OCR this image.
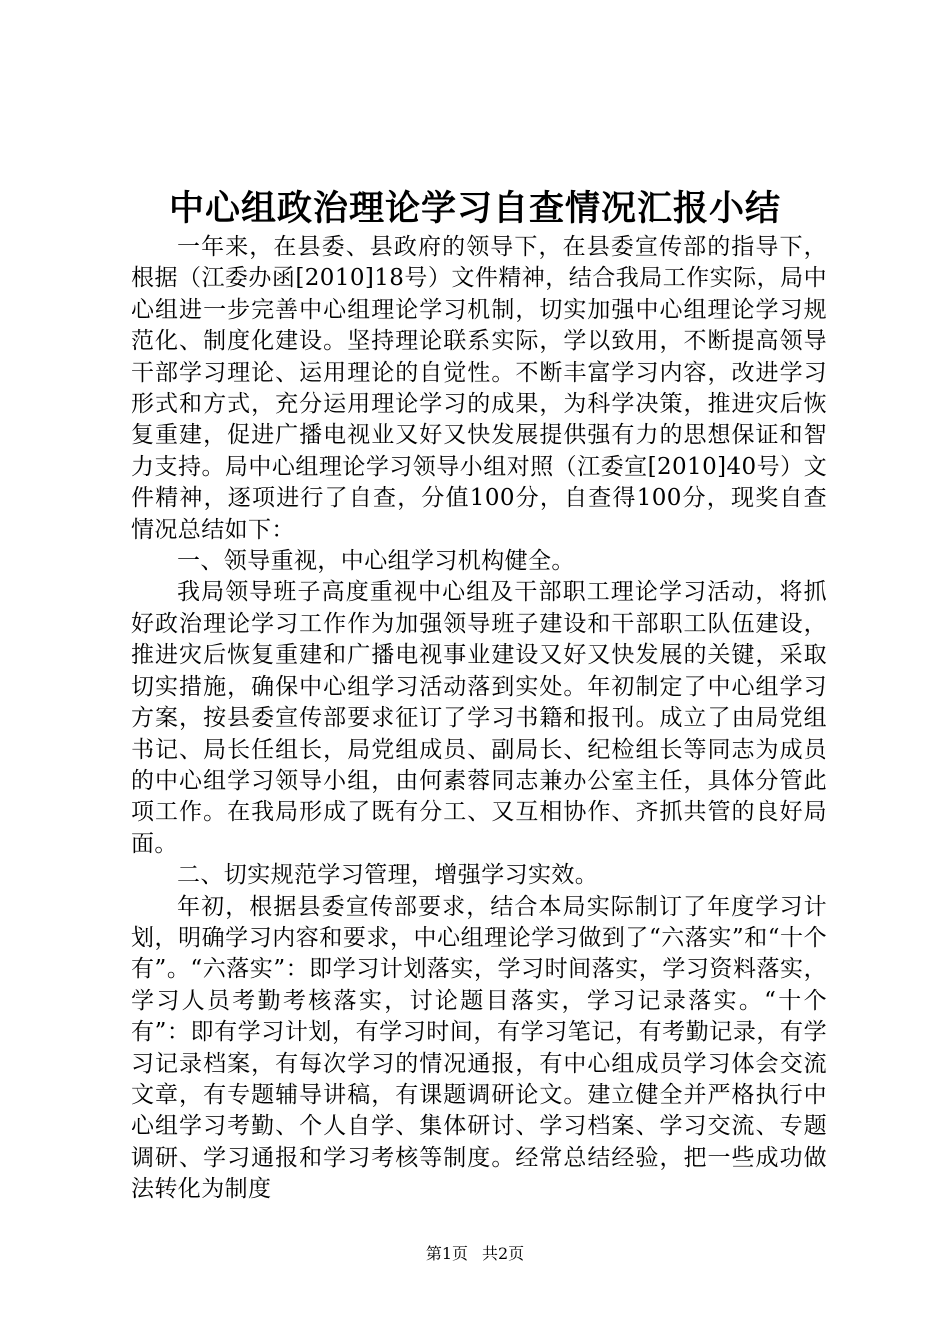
中心组政治理论学习自查情况汇报小结

一年来，在县委、县政府的领导下，在县委宣传部的指导下，根据（江委办函[2010]18号）文件精神，结合我局工作实际，局中心组进一步完善中心组理论学习机制，切实加强中心组理论学习规范化、制度化建设。坚持理论联系实际，学以致用，不断提高领导干部学习理论、运用理论的自觉性。不断丰富学习内容，改进学习形式和方式，充分运用理论学习的成果，为科学决策，推进灾后恢复重建，促进广播电视业又好又快发展提供强有力的思想保证和智力支持。局中心组理论学习领导小组对照（江委宣[2010]40号）文件精神，逐项进行了自查，分值100分，自查得100分，现奖自查情况总结如下：

一、领导重视，中心组学习机构健全。

我局领导班子高度重视中心组及干部职工理论学习活动，将抓好政治理论学习工作作为加强领导班子建设和干部职工队伍建设，推进灾后恢复重建和广播电视事业建设又好又快发展的关键，采取切实措施，确保中心组学习活动落到实处。年初制定了中心组学习方案，按县委宣传部要求征订了学习书籍和报刊。成立了由局党组书记、局长任组长，局党组成员、副局长、纪检组长等同志为成员的中心组学习领导小组，由何素蓉同志兼办公室主任，具体分管此项工作。在我局形成了既有分工、又互相协作、齐抓共管的良好局面。

二、切实规范学习管理，增强学习实效。

年初，根据县委宣传部要求，结合本局实际制订了年度学习计划，明确学习内容和要求，中心组理论学习做到了“六落实”和“十个有”。“六落实”：即学习计划落实，学习时间落实，学习资料落实，学习人员考勤考核落实，讨论题目落实，学习记录落实。“十个有”：即有学习计划，有学习时间，有学习笔记，有考勤记录，有学习记录档案，有每次学习的情况通报，有中心组成员学习体会交流文章，有专题辅导讲稿，有课题调研论文。建立健全并严格执行中心组学习考勤、个人自学、集体研讨、学习档案、学习交流、专题调研、学习通报和学习考核等制度。经常总结经验，把一些成功做法转化为制度

第1页 共2页
